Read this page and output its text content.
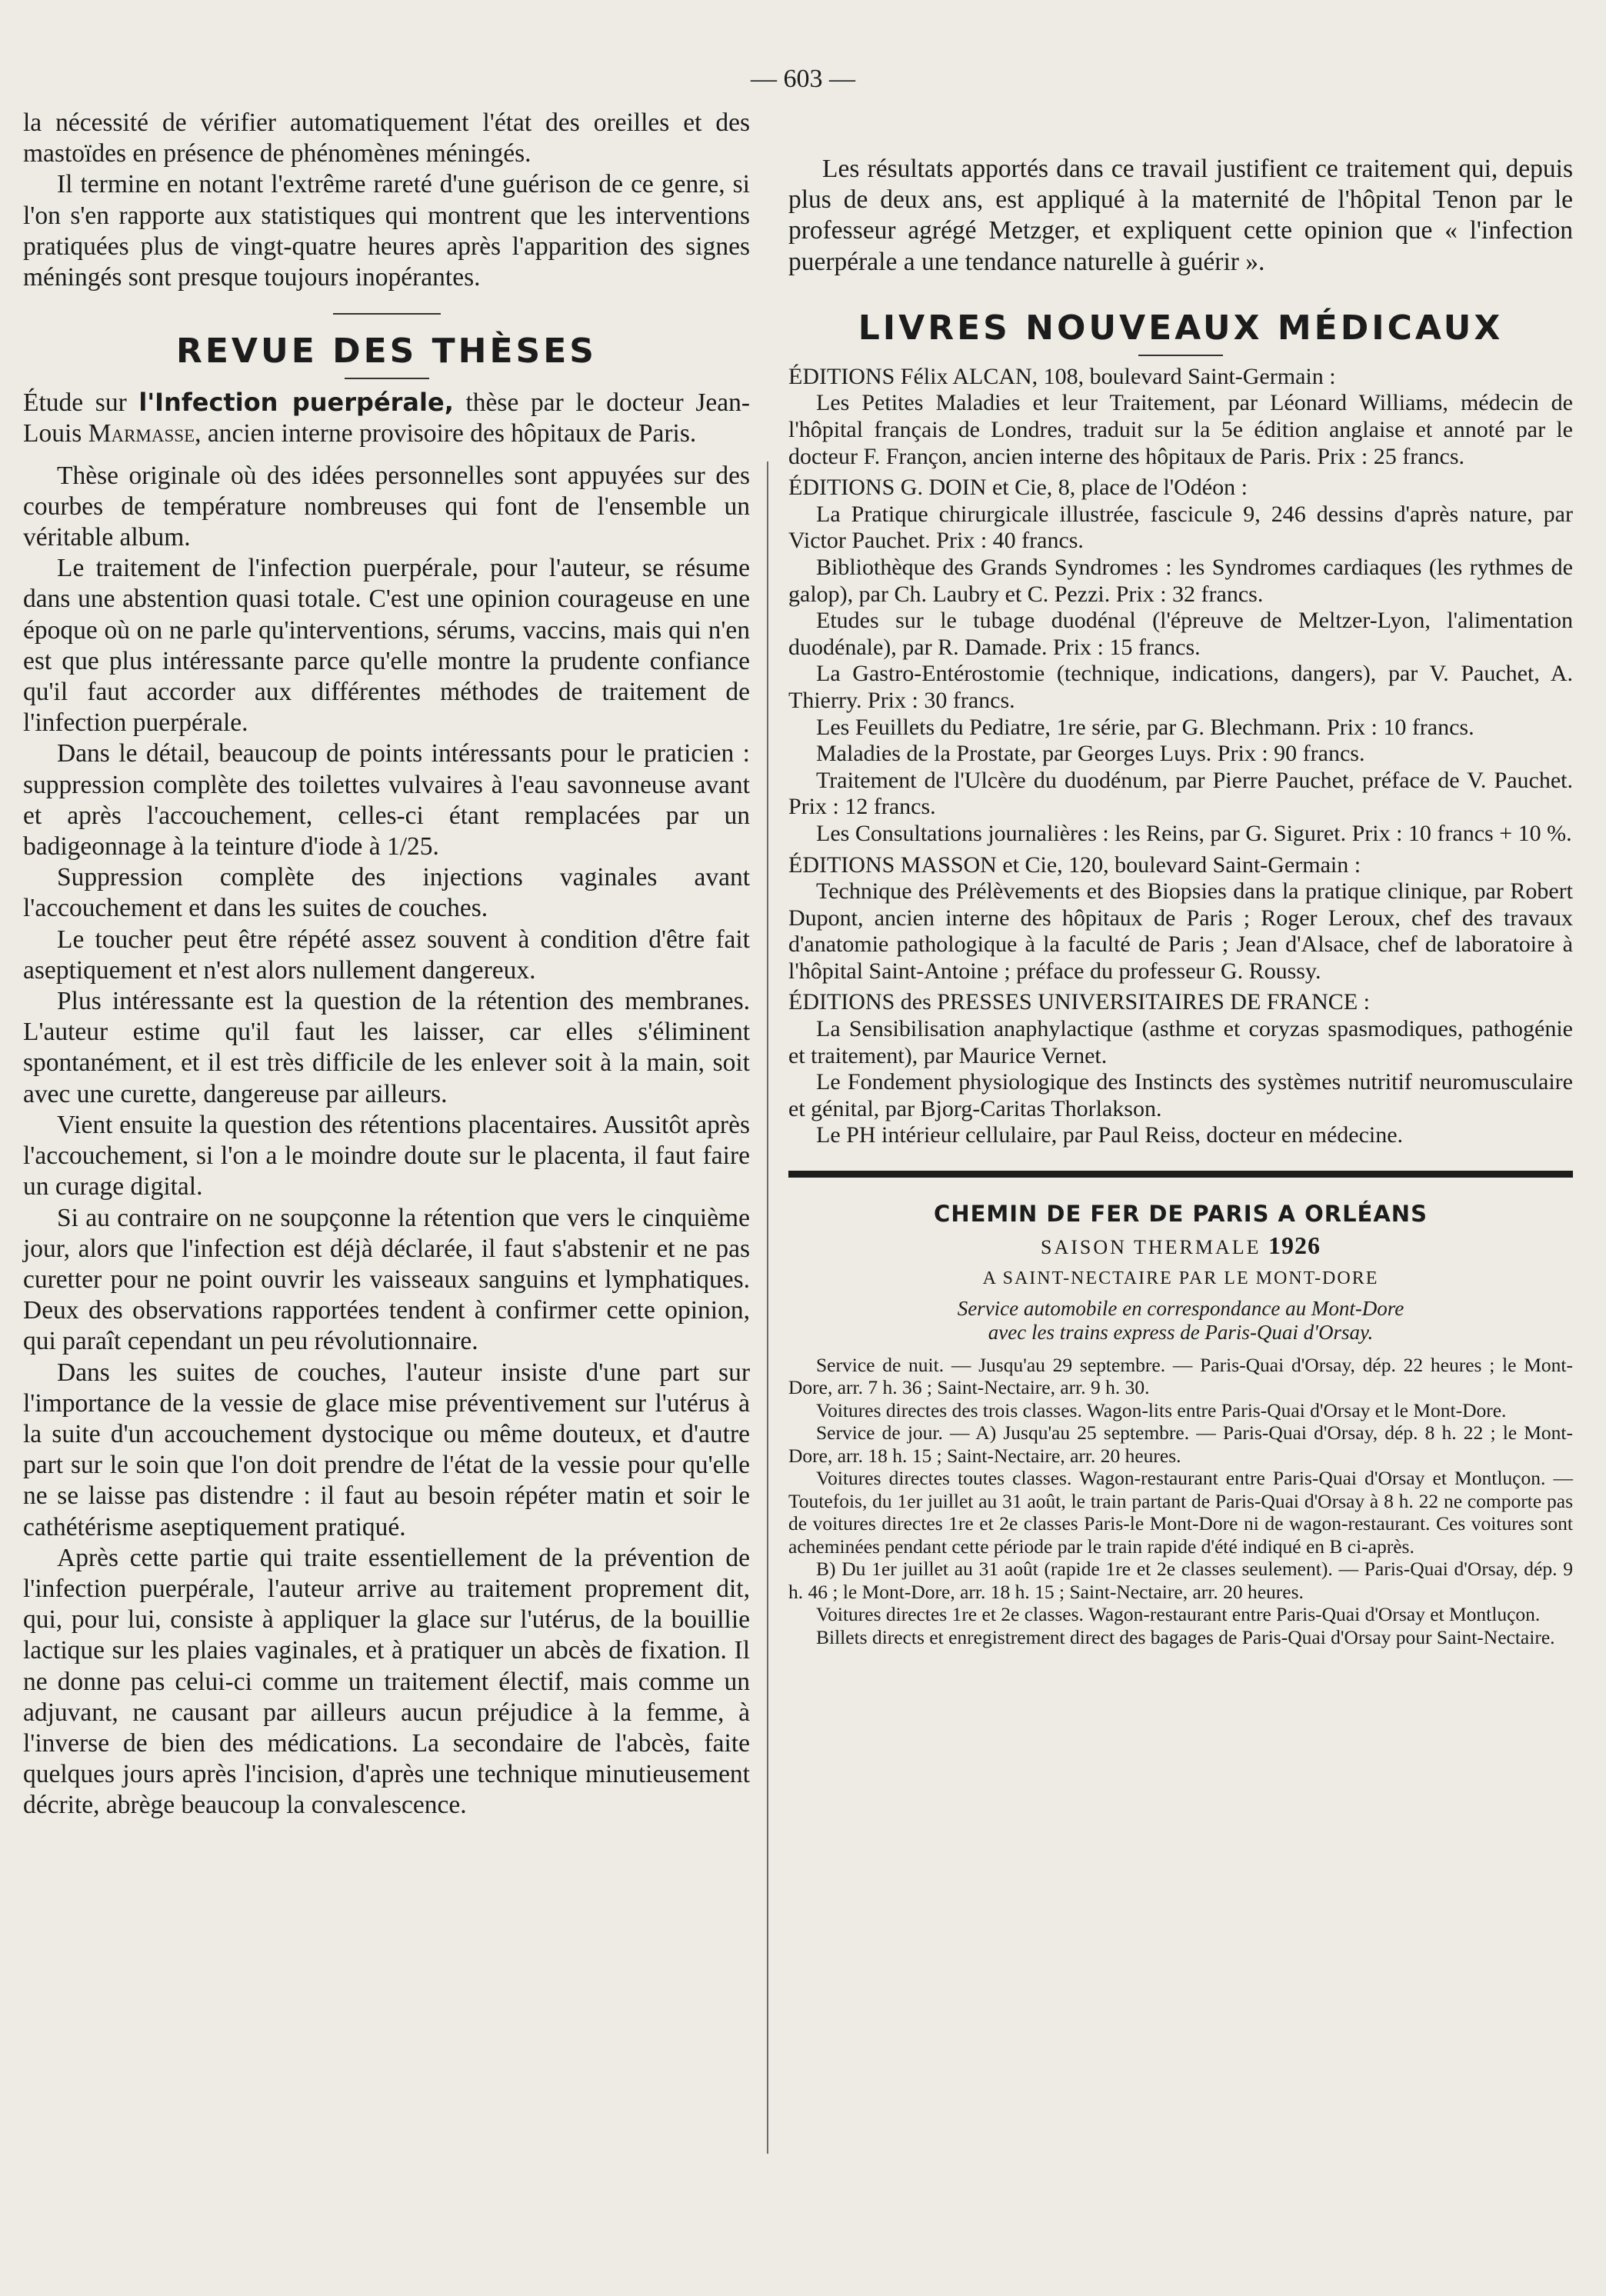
— 603 —

la nécessité de vérifier automatiquement l'état des oreilles et des mastoïdes en présence de phénomènes méningés.

Il termine en notant l'extrême rareté d'une guérison de ce genre, si l'on s'en rapporte aux statistiques qui montrent que les interventions pratiquées plus de vingt-quatre heures après l'apparition des signes méningés sont presque toujours inopérantes.

REVUE DES THÈSES

Étude sur l'Infection puerpérale, thèse par le docteur Jean-Louis Marmasse, ancien interne provisoire des hôpitaux de Paris.

Thèse originale où des idées personnelles sont appuyées sur des courbes de température nombreuses qui font de l'ensemble un véritable album.

Le traitement de l'infection puerpérale, pour l'auteur, se résume dans une abstention quasi totale. C'est une opinion courageuse en une époque où on ne parle qu'interventions, sérums, vaccins, mais qui n'en est que plus intéressante parce qu'elle montre la prudente confiance qu'il faut accorder aux différentes méthodes de traitement de l'infection puerpérale.

Dans le détail, beaucoup de points intéressants pour le praticien : suppression complète des toilettes vulvaires à l'eau savonneuse avant et après l'accouchement, celles-ci étant remplacées par un badigeonnage à la teinture d'iode à 1/25.

Suppression complète des injections vaginales avant l'accouchement et dans les suites de couches.

Le toucher peut être répété assez souvent à condition d'être fait aseptiquement et n'est alors nullement dangereux.

Plus intéressante est la question de la rétention des membranes. L'auteur estime qu'il faut les laisser, car elles s'éliminent spontanément, et il est très difficile de les enlever soit à la main, soit avec une curette, dangereuse par ailleurs.

Vient ensuite la question des rétentions placentaires. Aussitôt après l'accouchement, si l'on a le moindre doute sur le placenta, il faut faire un curage digital.

Si au contraire on ne soupçonne la rétention que vers le cinquième jour, alors que l'infection est déjà déclarée, il faut s'abstenir et ne pas curetter pour ne point ouvrir les vaisseaux sanguins et lymphatiques. Deux des observations rapportées tendent à confirmer cette opinion, qui paraît cependant un peu révolutionnaire.

Dans les suites de couches, l'auteur insiste d'une part sur l'importance de la vessie de glace mise préventivement sur l'utérus à la suite d'un accouchement dystocique ou même douteux, et d'autre part sur le soin que l'on doit prendre de l'état de la vessie pour qu'elle ne se laisse pas distendre : il faut au besoin répéter matin et soir le cathétérisme aseptiquement pratiqué.

Après cette partie qui traite essentiellement de la prévention de l'infection puerpérale, l'auteur arrive au traitement proprement dit, qui, pour lui, consiste à appliquer la glace sur l'utérus, de la bouillie lactique sur les plaies vaginales, et à pratiquer un abcès de fixation. Il ne donne pas celui-ci comme un traitement électif, mais comme un adjuvant, ne causant par ailleurs aucun préjudice à la femme, à l'inverse de bien des médications. La secondaire de l'abcès, faite quelques jours après l'incision, d'après une technique minutieusement décrite, abrège beaucoup la convalescence.

Les résultats apportés dans ce travail justifient ce traitement qui, depuis plus de deux ans, est appliqué à la maternité de l'hôpital Tenon par le professeur agrégé Metzger, et expliquent cette opinion que « l'infection puerpérale a une tendance naturelle à guérir ».

LIVRES NOUVEAUX MÉDICAUX

ÉDITIONS Félix ALCAN, 108, boulevard Saint-Germain :

Les Petites Maladies et leur Traitement, par Léonard Williams, médecin de l'hôpital français de Londres, traduit sur la 5e édition anglaise et annoté par le docteur F. Françon, ancien interne des hôpitaux de Paris. Prix : 25 francs.

ÉDITIONS G. DOIN et Cie, 8, place de l'Odéon :

La Pratique chirurgicale illustrée, fascicule 9, 246 dessins d'après nature, par Victor Pauchet. Prix : 40 francs.

Bibliothèque des Grands Syndromes : les Syndromes cardiaques (les rythmes de galop), par Ch. Laubry et C. Pezzi. Prix : 32 francs.

Etudes sur le tubage duodénal (l'épreuve de Meltzer-Lyon, l'alimentation duodénale), par R. Damade. Prix : 15 francs.

La Gastro-Entérostomie (technique, indications, dangers), par V. Pauchet, A. Thierry. Prix : 30 francs.

Les Feuillets du Pediatre, 1re série, par G. Blechmann. Prix : 10 francs.

Maladies de la Prostate, par Georges Luys. Prix : 90 francs.

Traitement de l'Ulcère du duodénum, par Pierre Pauchet, préface de V. Pauchet. Prix : 12 francs.

Les Consultations journalières : les Reins, par G. Siguret. Prix : 10 francs + 10 %.

ÉDITIONS MASSON et Cie, 120, boulevard Saint-Germain :

Technique des Prélèvements et des Biopsies dans la pratique clinique, par Robert Dupont, ancien interne des hôpitaux de Paris ; Roger Leroux, chef des travaux d'anatomie pathologique à la faculté de Paris ; Jean d'Alsace, chef de laboratoire à l'hôpital Saint-Antoine ; préface du professeur G. Roussy.

ÉDITIONS des PRESSES UNIVERSITAIRES DE FRANCE :

La Sensibilisation anaphylactique (asthme et coryzas spasmodiques, pathogénie et traitement), par Maurice Vernet.

Le Fondement physiologique des Instincts des systèmes nutritif neuromusculaire et génital, par Bjorg-Caritas Thorlakson.

Le PH intérieur cellulaire, par Paul Reiss, docteur en médecine.

CHEMIN DE FER DE PARIS A ORLÉANS
SAISON THERMALE 1926
A SAINT-NECTAIRE PAR LE MONT-DORE
Service automobile en correspondance au Mont-Dore
avec les trains express de Paris-Quai d'Orsay.

Service de nuit. — Jusqu'au 29 septembre. — Paris-Quai d'Orsay, dép. 22 heures ; le Mont-Dore, arr. 7 h. 36 ; Saint-Nectaire, arr. 9 h. 30.

Voitures directes des trois classes. Wagon-lits entre Paris-Quai d'Orsay et le Mont-Dore.

Service de jour. — A) Jusqu'au 25 septembre. — Paris-Quai d'Orsay, dép. 8 h. 22 ; le Mont-Dore, arr. 18 h. 15 ; Saint-Nectaire, arr. 20 heures.

Voitures directes toutes classes. Wagon-restaurant entre Paris-Quai d'Orsay et Montluçon. — Toutefois, du 1er juillet au 31 août, le train partant de Paris-Quai d'Orsay à 8 h. 22 ne comporte pas de voitures directes 1re et 2e classes Paris-le Mont-Dore ni de wagon-restaurant. Ces voitures sont acheminées pendant cette période par le train rapide d'été indiqué en B ci-après.

B) Du 1er juillet au 31 août (rapide 1re et 2e classes seulement). — Paris-Quai d'Orsay, dép. 9 h. 46 ; le Mont-Dore, arr. 18 h. 15 ; Saint-Nectaire, arr. 20 heures.

Voitures directes 1re et 2e classes. Wagon-restaurant entre Paris-Quai d'Orsay et Montluçon.

Billets directs et enregistrement direct des bagages de Paris-Quai d'Orsay pour Saint-Nectaire.
